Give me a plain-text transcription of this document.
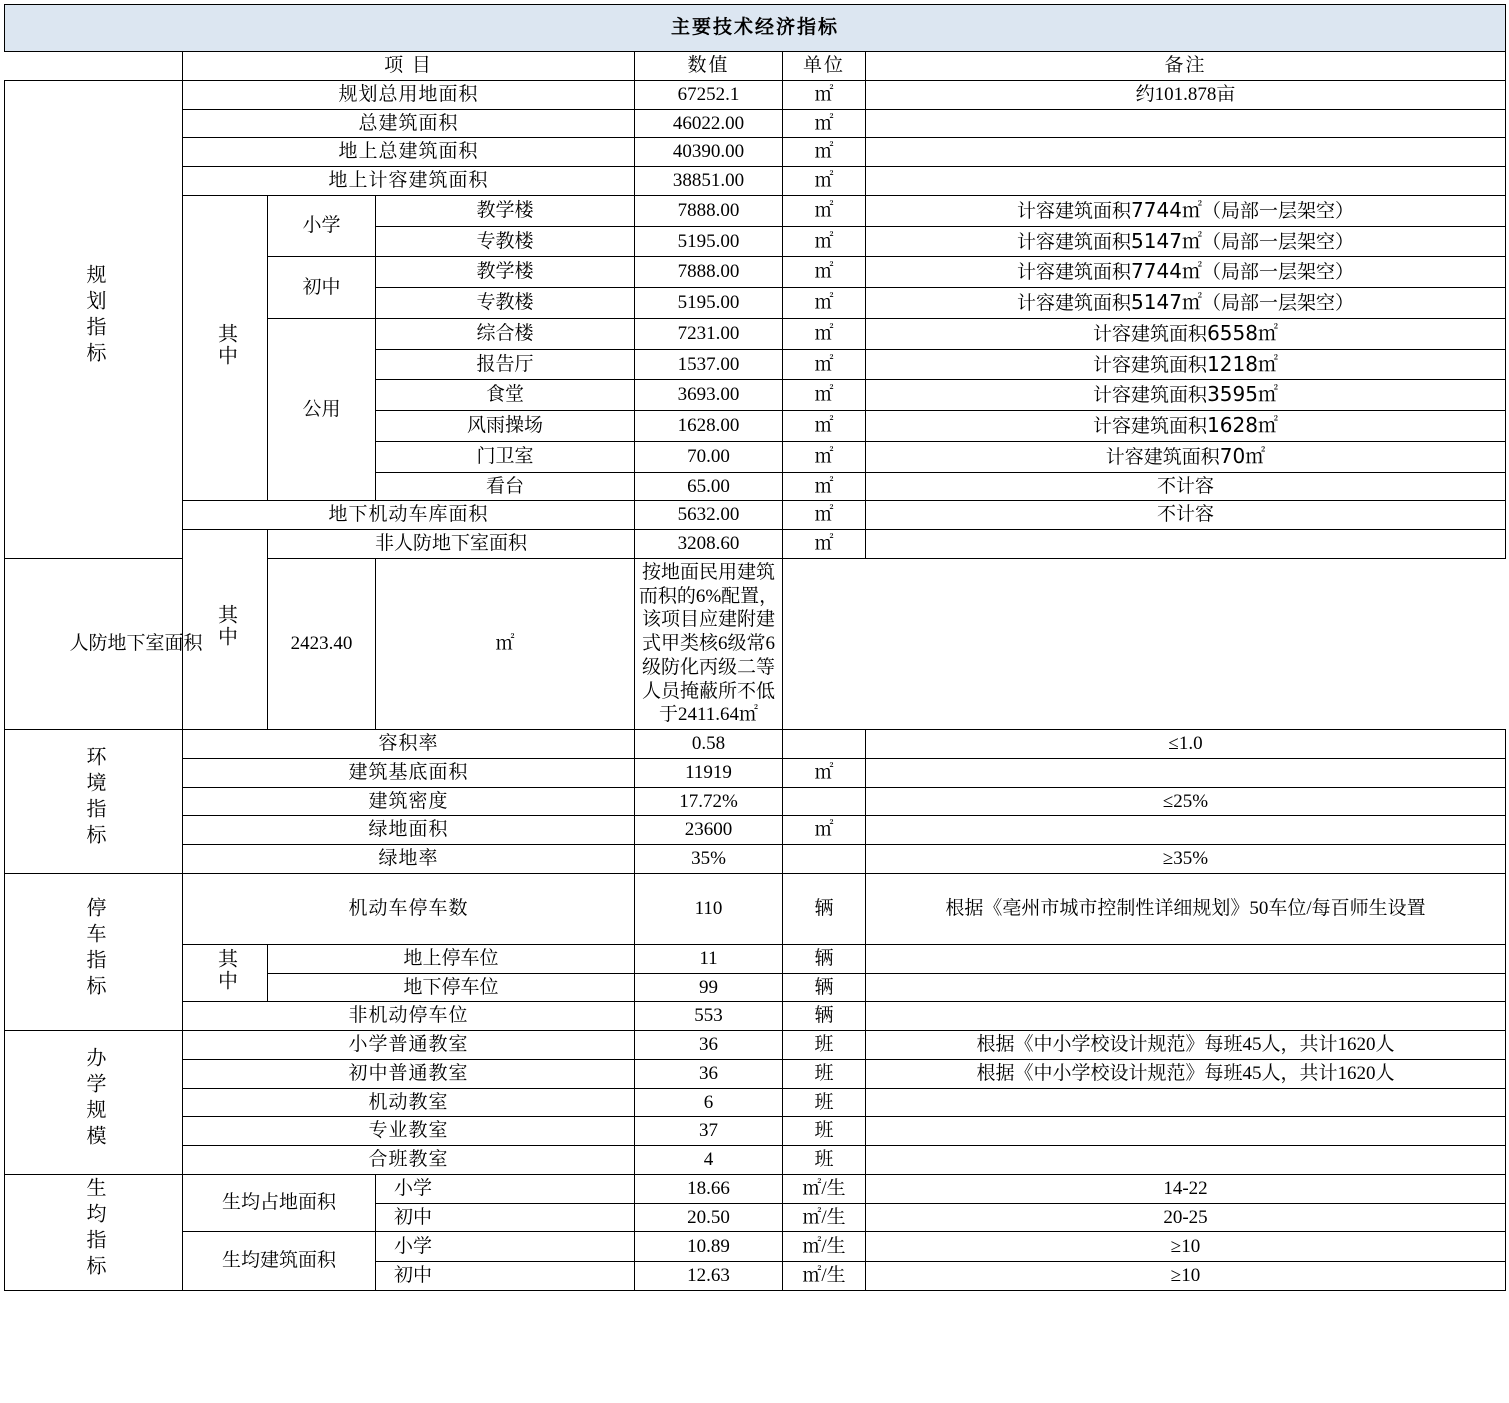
主要技术经济指标						
	项 目			数值	单位	备注
规划指标	规划总用地面积			67252.1	㎡	约101.878亩
	总建筑面积			46022.00	㎡	
	地上总建筑面积			40390.00	㎡	
	地上计容建筑面积			38851.00	㎡	
	其中	小学	教学楼	7888.00	㎡	计容建筑面积7744㎡（局部一层架空）
			专教楼	5195.00	㎡	计容建筑面积5147㎡（局部一层架空）
		初中	教学楼	7888.00	㎡	计容建筑面积7744㎡（局部一层架空）
			专教楼	5195.00	㎡	计容建筑面积5147㎡（局部一层架空）
		公用	综合楼	7231.00	㎡	计容建筑面积6558㎡
			报告厅	1537.00	㎡	计容建筑面积1218㎡
			食堂	3693.00	㎡	计容建筑面积3595㎡
			风雨操场	1628.00	㎡	计容建筑面积1628㎡
			门卫室	70.00	㎡	计容建筑面积70㎡
			看台	65.00	㎡	不计容
	地下机动车库面积			5632.00	㎡	不计容
	其中	非人防地下室面积		3208.60	㎡	
人防地下室面积		2423.40	㎡	按地面民用建筑而积的6%配置，该项目应建附建式甲类核6级常6级防化丙级二等人员掩蔽所不低于2411.64㎡		
环境指标	容积率			0.58		≤1.0
	建筑基底面积			11919	㎡	
	建筑密度			17.72%		≤25%
	绿地面积			23600	㎡	
	绿地率			35%		≥35%
停车指标	机动车停车数			110	辆	根据《亳州市城市控制性详细规划》50车位/每百师生设置
	其中	地上停车位		11	辆	
		地下停车位		99	辆	
	非机动停车位			553	辆	
办学规模	小学普通教室			36	班	根据《中小学校设计规范》每班45人，共计1620人
	初中普通教室			36	班	根据《中小学校设计规范》每班45人，共计1620人
	机动教室			6	班	
	专业教室			37	班	
	合班教室			4	班	
生均指标	生均占地面积		小学	18.66	㎡/生	14-22
			初中	20.50	㎡/生	20-25
	生均建筑面积		小学	10.89	㎡/生	≥10
			初中	12.63	㎡/生	≥10
